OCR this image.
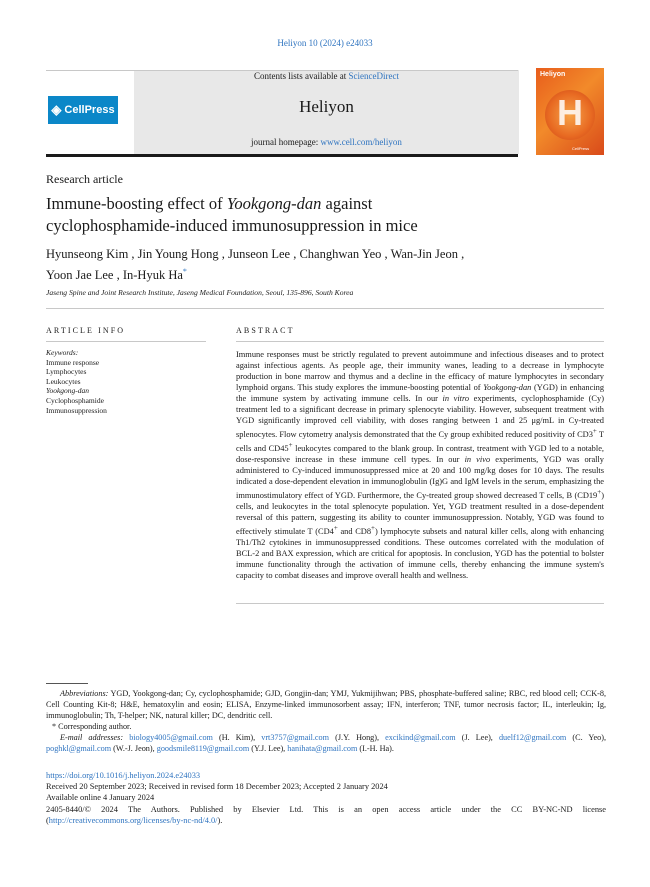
Heliyon 10 (2024) e24033
◈ CellPress
Contents lists available at ScienceDirect
Heliyon
journal homepage: www.cell.com/heliyon
Heliyon
H
CellPress
Research article
Immune-boosting effect of Yookgong-dan against
cyclophosphamide-induced immunosuppression in mice
Hyunseong Kim , Jin Young Hong , Junseon Lee , Changhwan Yeo , Wan-Jin Jeon ,
Yoon Jae Lee , In-Hyuk Ha*
Jaseng Spine and Joint Research Institute, Jaseng Medical Foundation, Seoul, 135-896, South Korea
ARTICLE INFO	ABSTRACT
Keywords:
Immune response
Lymphocytes
Leukocytes
Yookgong-dan
Cyclophosphamide
Immunosuppression
Immune responses must be strictly regulated to prevent autoimmune and infectious diseases and to protect against infectious agents. As people age, their immunity wanes, leading to a decrease in lymphocyte production in bone marrow and thymus and a decline in the efficacy of mature lymphocytes in secondary lymphoid organs. This study explores the immune-boosting potential of Yookgong-dan (YGD) in enhancing the immune system by activating immune cells. In our in vitro experiments, cyclophosphamide (Cy) treatment led to a significant decrease in primary splenocyte viability. However, subsequent treatment with YGD significantly improved cell viability, with doses ranging between 1 and 25 μg/mL in Cy-treated splenocytes. Flow cytometry analysis demonstrated that the Cy group exhibited reduced positivity of CD3+ T cells and CD45+ leukocytes compared to the blank group. In contrast, treatment with YGD led to a notable, dose-responsive increase in these immune cell types. In our in vivo experiments, YGD was orally administered to Cy-induced immunosuppressed mice at 20 and 100 mg/kg doses for 10 days. The results indicated a dose-dependent elevation in immunoglobulin (Ig)G and IgM levels in the serum, emphasizing the immunostimulatory effect of YGD. Furthermore, the Cy-treated group showed decreased T cells, B (CD19+) cells, and leukocytes in the total splenocyte population. Yet, YGD treatment resulted in a dose-dependent reversal of this pattern, suggesting its ability to counter immunosuppression. Notably, YGD was found to effectively stimulate T (CD4+ and CD8+) lymphocyte subsets and natural killer cells, along with enhancing Th1/Th2 cytokines in immunosuppressed conditions. These outcomes correlated with the modulation of BCL-2 and BAX expression, which are critical for apoptosis. In conclusion, YGD has the potential to bolster immune functionality through the activation of immune cells, thereby enhancing the immune system's capacity to combat diseases and improve overall health and wellness.
Abbreviations: YGD, Yookgong-dan; Cy, cyclophosphamide; GJD, Gongjin-dan; YMJ, Yukmijihwan; PBS, phosphate-buffered saline; RBC, red blood cell; CCK-8, Cell Counting Kit-8; H&E, hematoxylin and eosin; ELISA, Enzyme-linked immunosorbent assay; IFN, interferon; TNF, tumor necrosis factor; IL, interleukin; Ig, immunoglobulin; Th, T-helper; NK, natural killer; DC, dendritic cell.
* Corresponding author.
E-mail addresses: biology4005@gmail.com (H. Kim), vrt3757@gmail.com (J.Y. Hong), excikind@gmail.com (J. Lee), duelf12@gmail.com (C. Yeo), poghkl@gmail.com (W.-J. Jeon), goodsmile8119@gmail.com (Y.J. Lee), hanihata@gmail.com (I.-H. Ha).
https://doi.org/10.1016/j.heliyon.2024.e24033
Received 20 September 2023; Received in revised form 18 December 2023; Accepted 2 January 2024
Available online 4 January 2024
2405-8440/© 2024 The Authors. Published by Elsevier Ltd. This is an open access article under the CC BY-NC-ND license
(http://creativecommons.org/licenses/by-nc-nd/4.0/).
